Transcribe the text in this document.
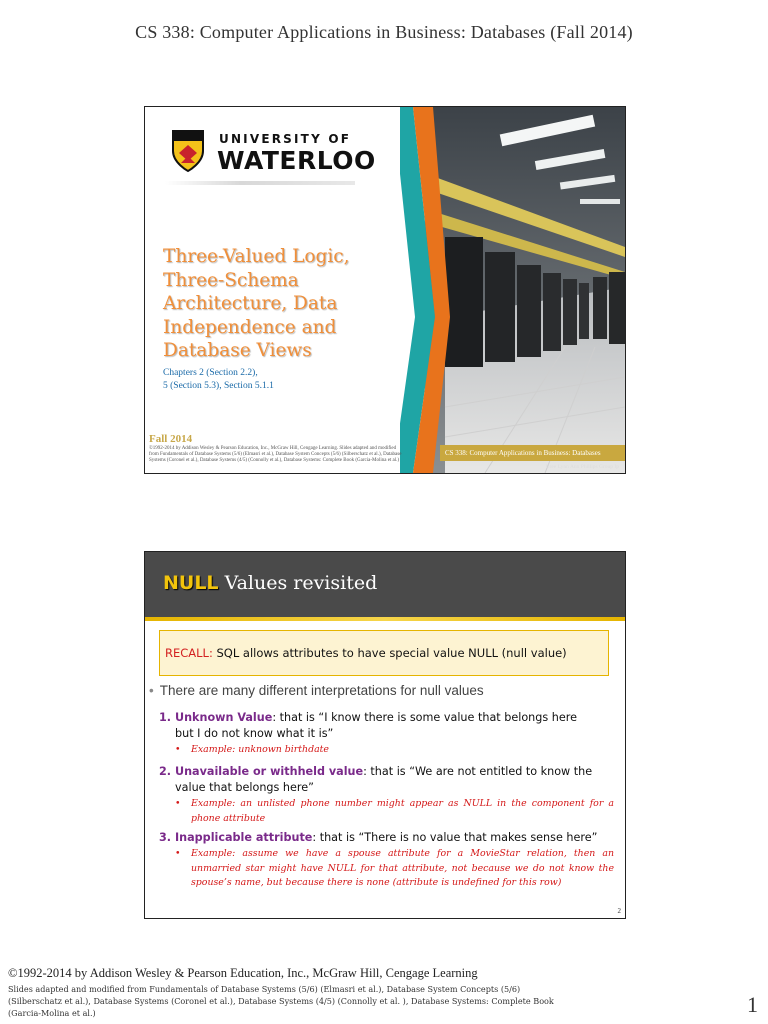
CS 338: Computer Applications in Business: Databases (Fall 2014)
UNIVERSITY OF
WATERLOO
Three-Valued Logic,
Three-Schema
Architecture, Data
Independence and
Database Views
Chapters 2 (Section 2.2),
5 (Section 5.3), Section 5.1.1
Fall 2014
©1992-2014 by Addison Wesley & Pearson Education, Inc., McGraw Hill, Cengage Learning. Slides adapted and modified from Fundamentals of Database Systems (5/6) (Elmasri et al.), Database System Concepts (5/6) (Silberschatz et al.), Database Systems (Coronel et al.), Database Systems (4/5) (Connolly et al.), Database Systems: Complete Book (Garcia-Molina et al.)
CS 338: Computer Applications in Business: Databases
Bree Lynn Ann Phillips Group Ip
NULL Values revisited
RECALL: SQL allows attributes to have special value NULL (null value)
• There are many different interpretations for null values
1. Unknown Value: that is “I know there is some value that belongs here
but I do not know what it is”
• Example: unknown birthdate
2. Unavailable or withheld value: that is “We are not entitled to know the
value that belongs here”
• Example: an unlisted phone number might appear as NULL in the component for a phone attribute
3. Inapplicable attribute: that is “There is no value that makes sense here”
• Example: assume we have a spouse attribute for a MovieStar relation, then an unmarried star might have NULL for that attribute, not because we do not know the spouse’s name, but because there is none (attribute is undefined for this row)
2
©1992-2014 by Addison Wesley & Pearson Education, Inc., McGraw Hill, Cengage Learning
Slides adapted and modified from Fundamentals of Database Systems (5/6) (Elmasri et al.), Database System Concepts (5/6) (Silberschatz et al.), Database Systems (Coronel et al.), Database Systems (4/5) (Connolly et al. ), Database Systems: Complete Book (Garcia-Molina et al.)	1
